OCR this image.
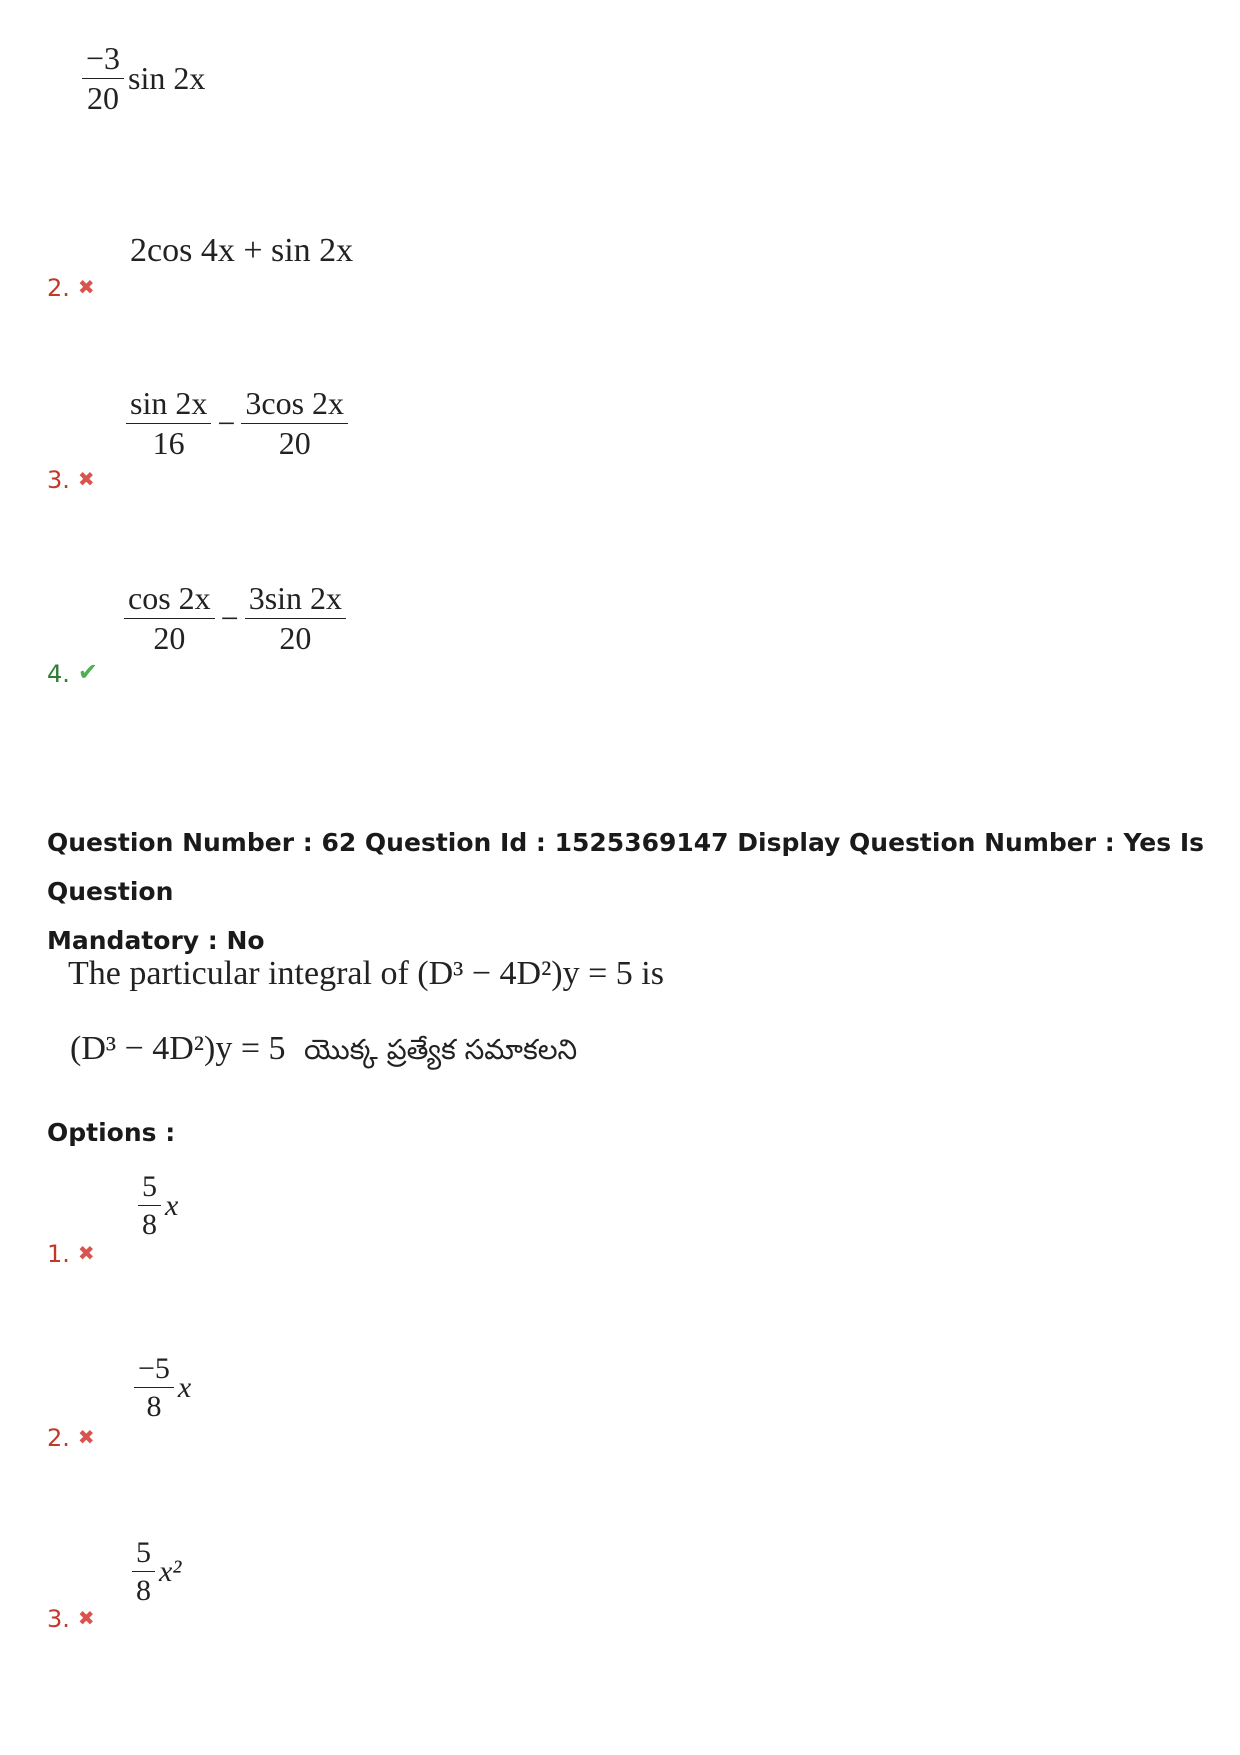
$\frac{-3}{20}$ sin 2x
2cos 4x + sin 2x
2. ✖
$\frac{\sin 2x}{16} - \frac{3\cos 2x}{20}$
3. ✖
$\frac{\cos 2x}{20} - \frac{3\sin 2x}{20}$
4. ✔
Question Number : 62 Question Id : 1525369147 Display Question Number : Yes Is Question
Mandatory : No
The particular integral of (D³ − 4D²)y = 5 is
(D³ − 4D²)y = 5 యొక్క ప్రత్యేక సమాకలని
Options :
$\frac{5}{8}$ x
1. ✖
$\frac{-5}{8}$ x
2. ✖
$\frac{5}{8} x^2$
3. ✖
